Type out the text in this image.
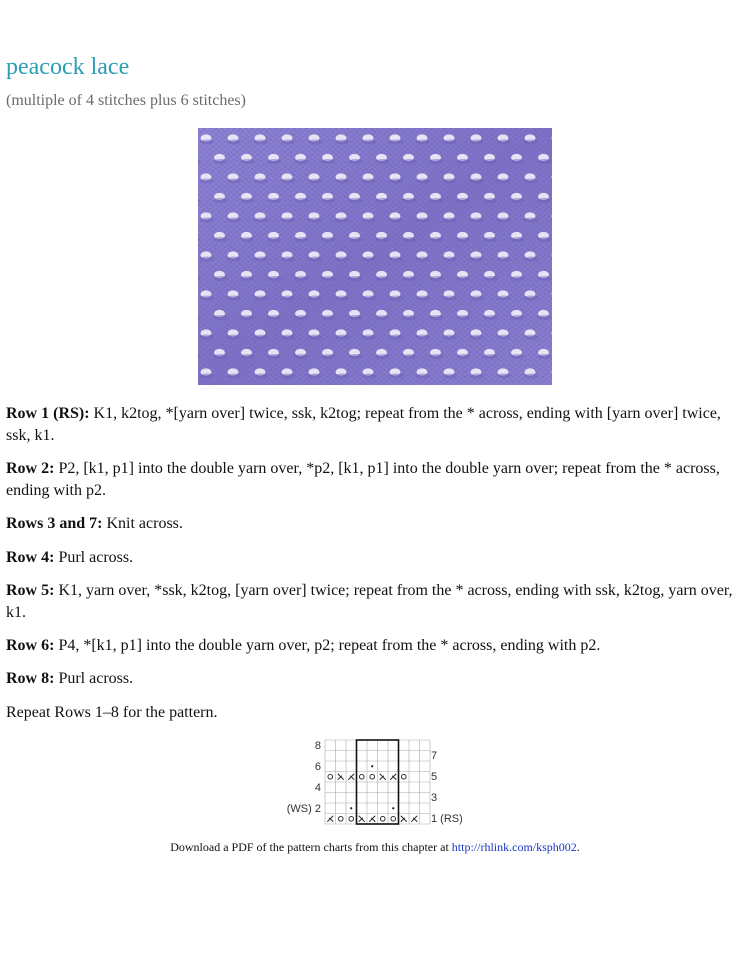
peacock lace
(multiple of 4 stitches plus 6 stitches)
Row 1 (RS): K1, k2tog, *[yarn over] twice, ssk, k2tog; repeat from the * across, ending with [yarn over] twice, ssk, k1.
Row 2: P2, [k1, p1] into the double yarn over, *p2, [k1, p1] into the double yarn over; repeat from the * across, ending with p2.
Rows 3 and 7: Knit across.
Row 4: Purl across.
Row 5: K1, yarn over, *ssk, k2tog, [yarn over] twice; repeat from the * across, ending with ssk, k2tog, yarn over, k1.
Row 6: P4, *[k1, p1] into the double yarn over, p2; repeat from the * across, ending with p2.
Row 8: Purl across.
Repeat Rows 1–8 for the pattern.
8
6
4
(WS) 2
7
5
3
1 (RS)
Download a PDF of the pattern charts from this chapter at http://rhlink.com/ksph002.
